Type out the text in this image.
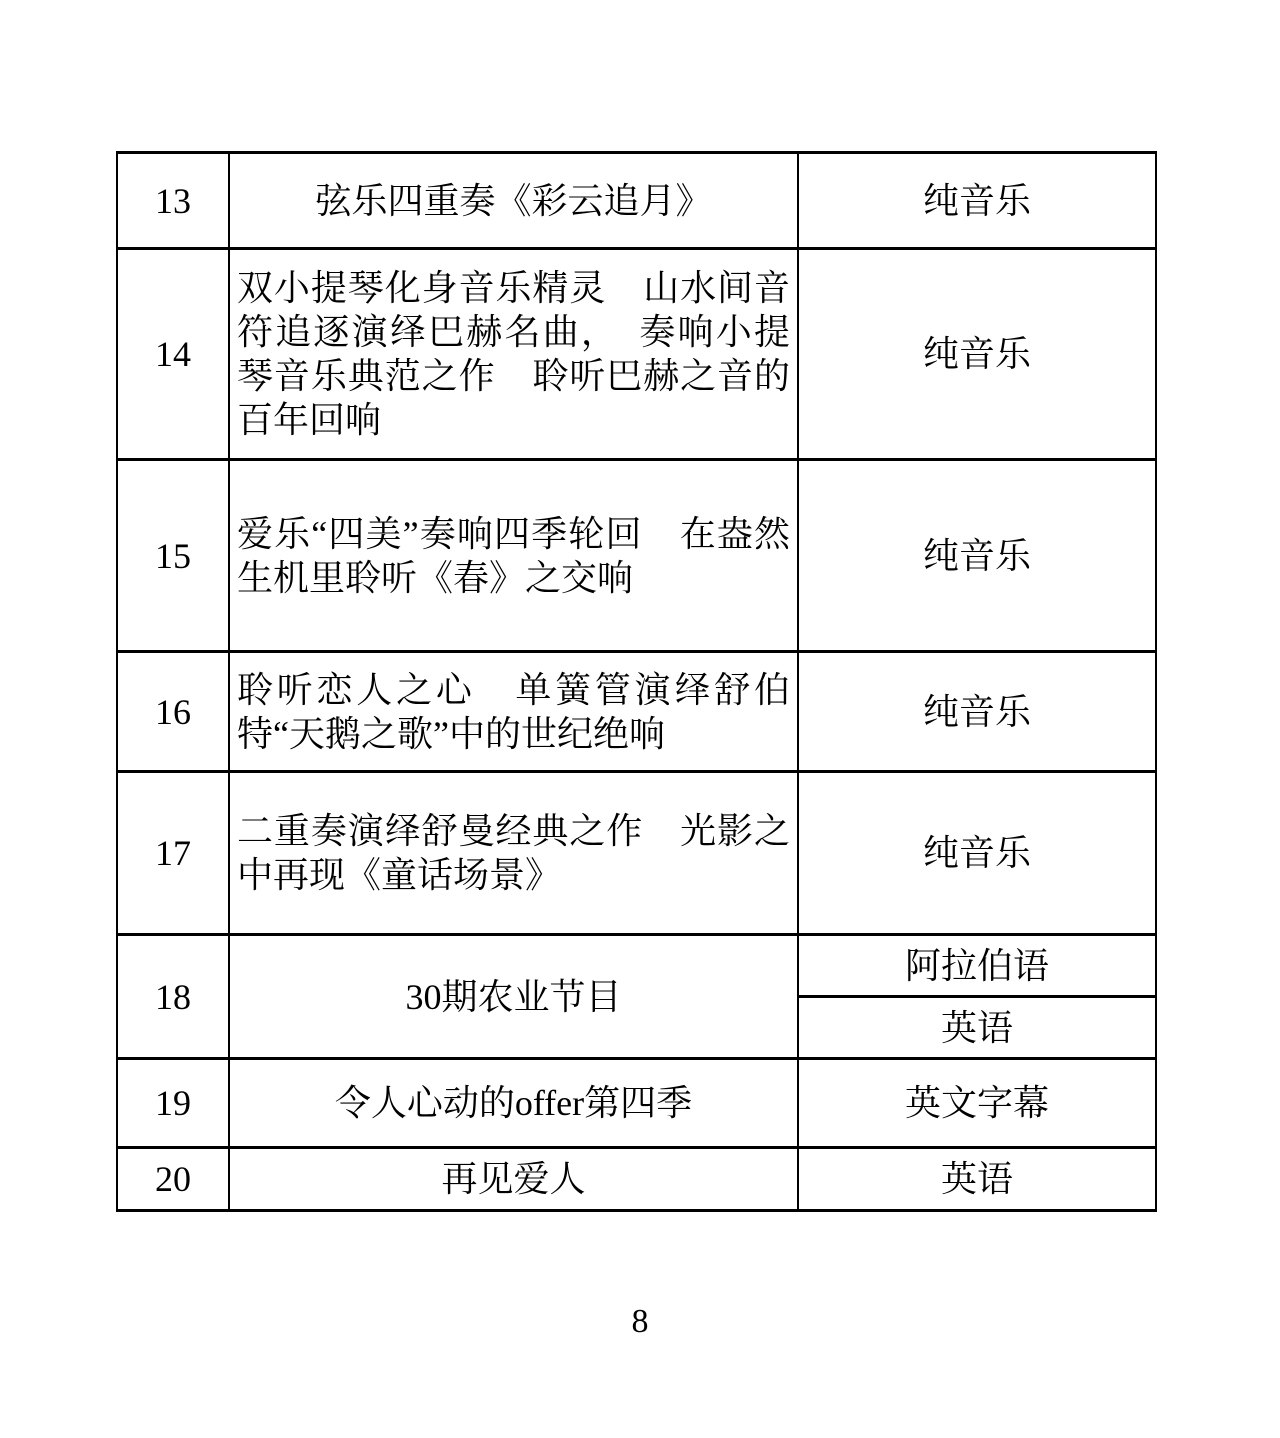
13	弦乐四重奏《彩云追月》	纯音乐
14	双小提琴化身音乐精灵　山水间音符追逐演绎巴赫名曲，　奏响小提琴音乐典范之作　聆听巴赫之音的百年回响	纯音乐
15	爱乐“四美”奏响四季轮回　在盎然生机里聆听《春》之交响	纯音乐
16	聆听恋人之心　单簧管演绎舒伯特“天鹅之歌”中的世纪绝响	纯音乐
17	二重奏演绎舒曼经典之作　光影之中再现《童话场景》	纯音乐
18	30期农业节目	阿拉伯语
		英语
19	令人心动的offer第四季	英文字幕
20	再见爱人	英语
8
